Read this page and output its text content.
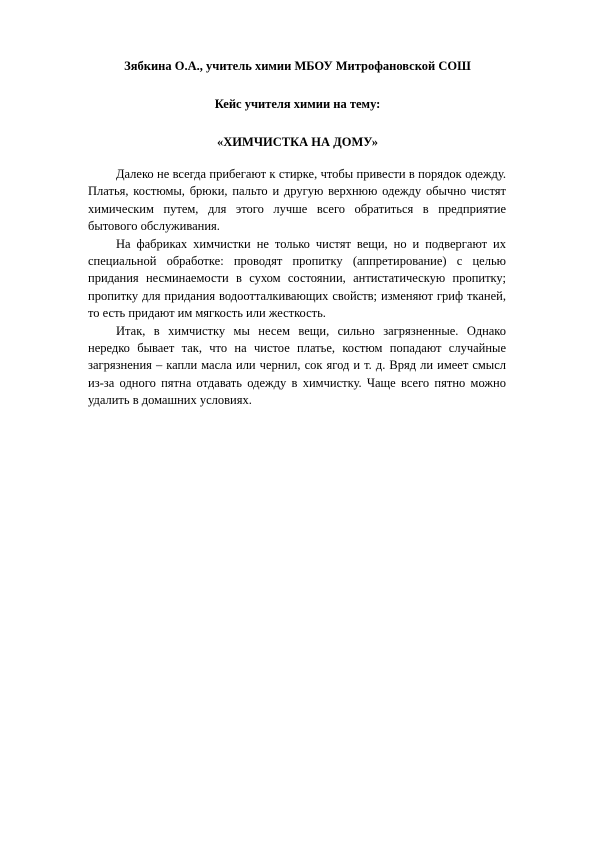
Зябкина О.А., учитель химии МБОУ Митрофановской СОШ
Кейс учителя химии на тему:
«ХИМЧИСТКА НА ДОМУ»

Далеко не всегда прибегают к стирке, чтобы привести в порядок одежду. Платья, костюмы, брюки, пальто и другую верхнюю одежду обычно чистят химическим путем, для этого лучше всего обратиться в предприятие бытового обслуживания.

На фабриках химчистки не только чистят вещи, но и подвергают их специальной обработке: проводят пропитку (аппретирование) с целью придания несминаемости в сухом состоянии, антистатическую пропитку; пропитку для придания водоотталкивающих свойств; изменяют гриф тканей, то есть придают им мягкость или жесткость.

Итак, в химчистку мы несем вещи, сильно загрязненные. Однако нередко бывает так, что на чистое платье, костюм попадают случайные загрязнения – капли масла или чернил, сок ягод и т. д. Вряд ли имеет смысл из-за одного пятна отдавать одежду в химчистку. Чаще всего пятно можно удалить в домашних условиях.
